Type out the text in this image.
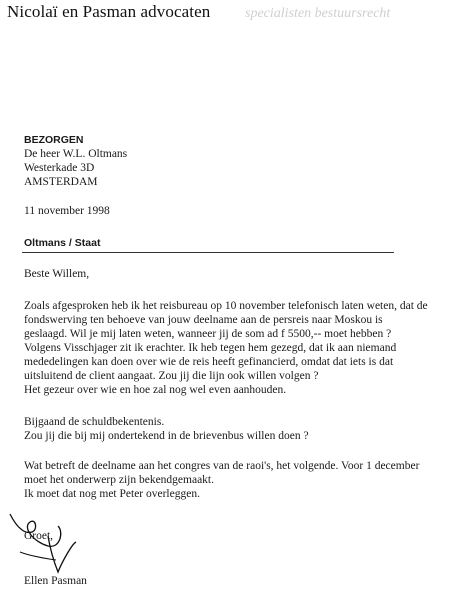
Nicolaï en Pasman advocaten specialisten bestuursrecht
BEZORGEN
De heer W.L. Oltmans
Westerkade 3D
AMSTERDAM
11 november 1998
Oltmans / Staat
Beste Willem,
Zoals afgesproken heb ik het reisbureau op 10 november telefonisch laten weten, dat de
fondswerving ten behoeve van jouw deelname aan de persreis naar Moskou is
geslaagd. Wil je mij laten weten, wanneer jij de som ad f 5500,-- moet hebben ?
Volgens Visschjager zit ik erachter. Ik heb tegen hem gezegd, dat ik aan niemand
mededelingen kan doen over wie de reis heeft gefinancierd, omdat dat iets is dat
uitsluitend de client aangaat. Zou jij die lijn ook willen volgen ?
Het gezeur over wie en hoe zal nog wel even aanhouden.
Bijgaand de schuldbekentenis.
Zou jij die bij mij ondertekend in de brievenbus willen doen ?
Wat betreft de deelname aan het congres van de raoi's, het volgende. Voor 1 december
moet het onderwerp zijn bekendgemaakt.
Ik moet dat nog met Peter overleggen.
Groet,
Ellen Pasman
